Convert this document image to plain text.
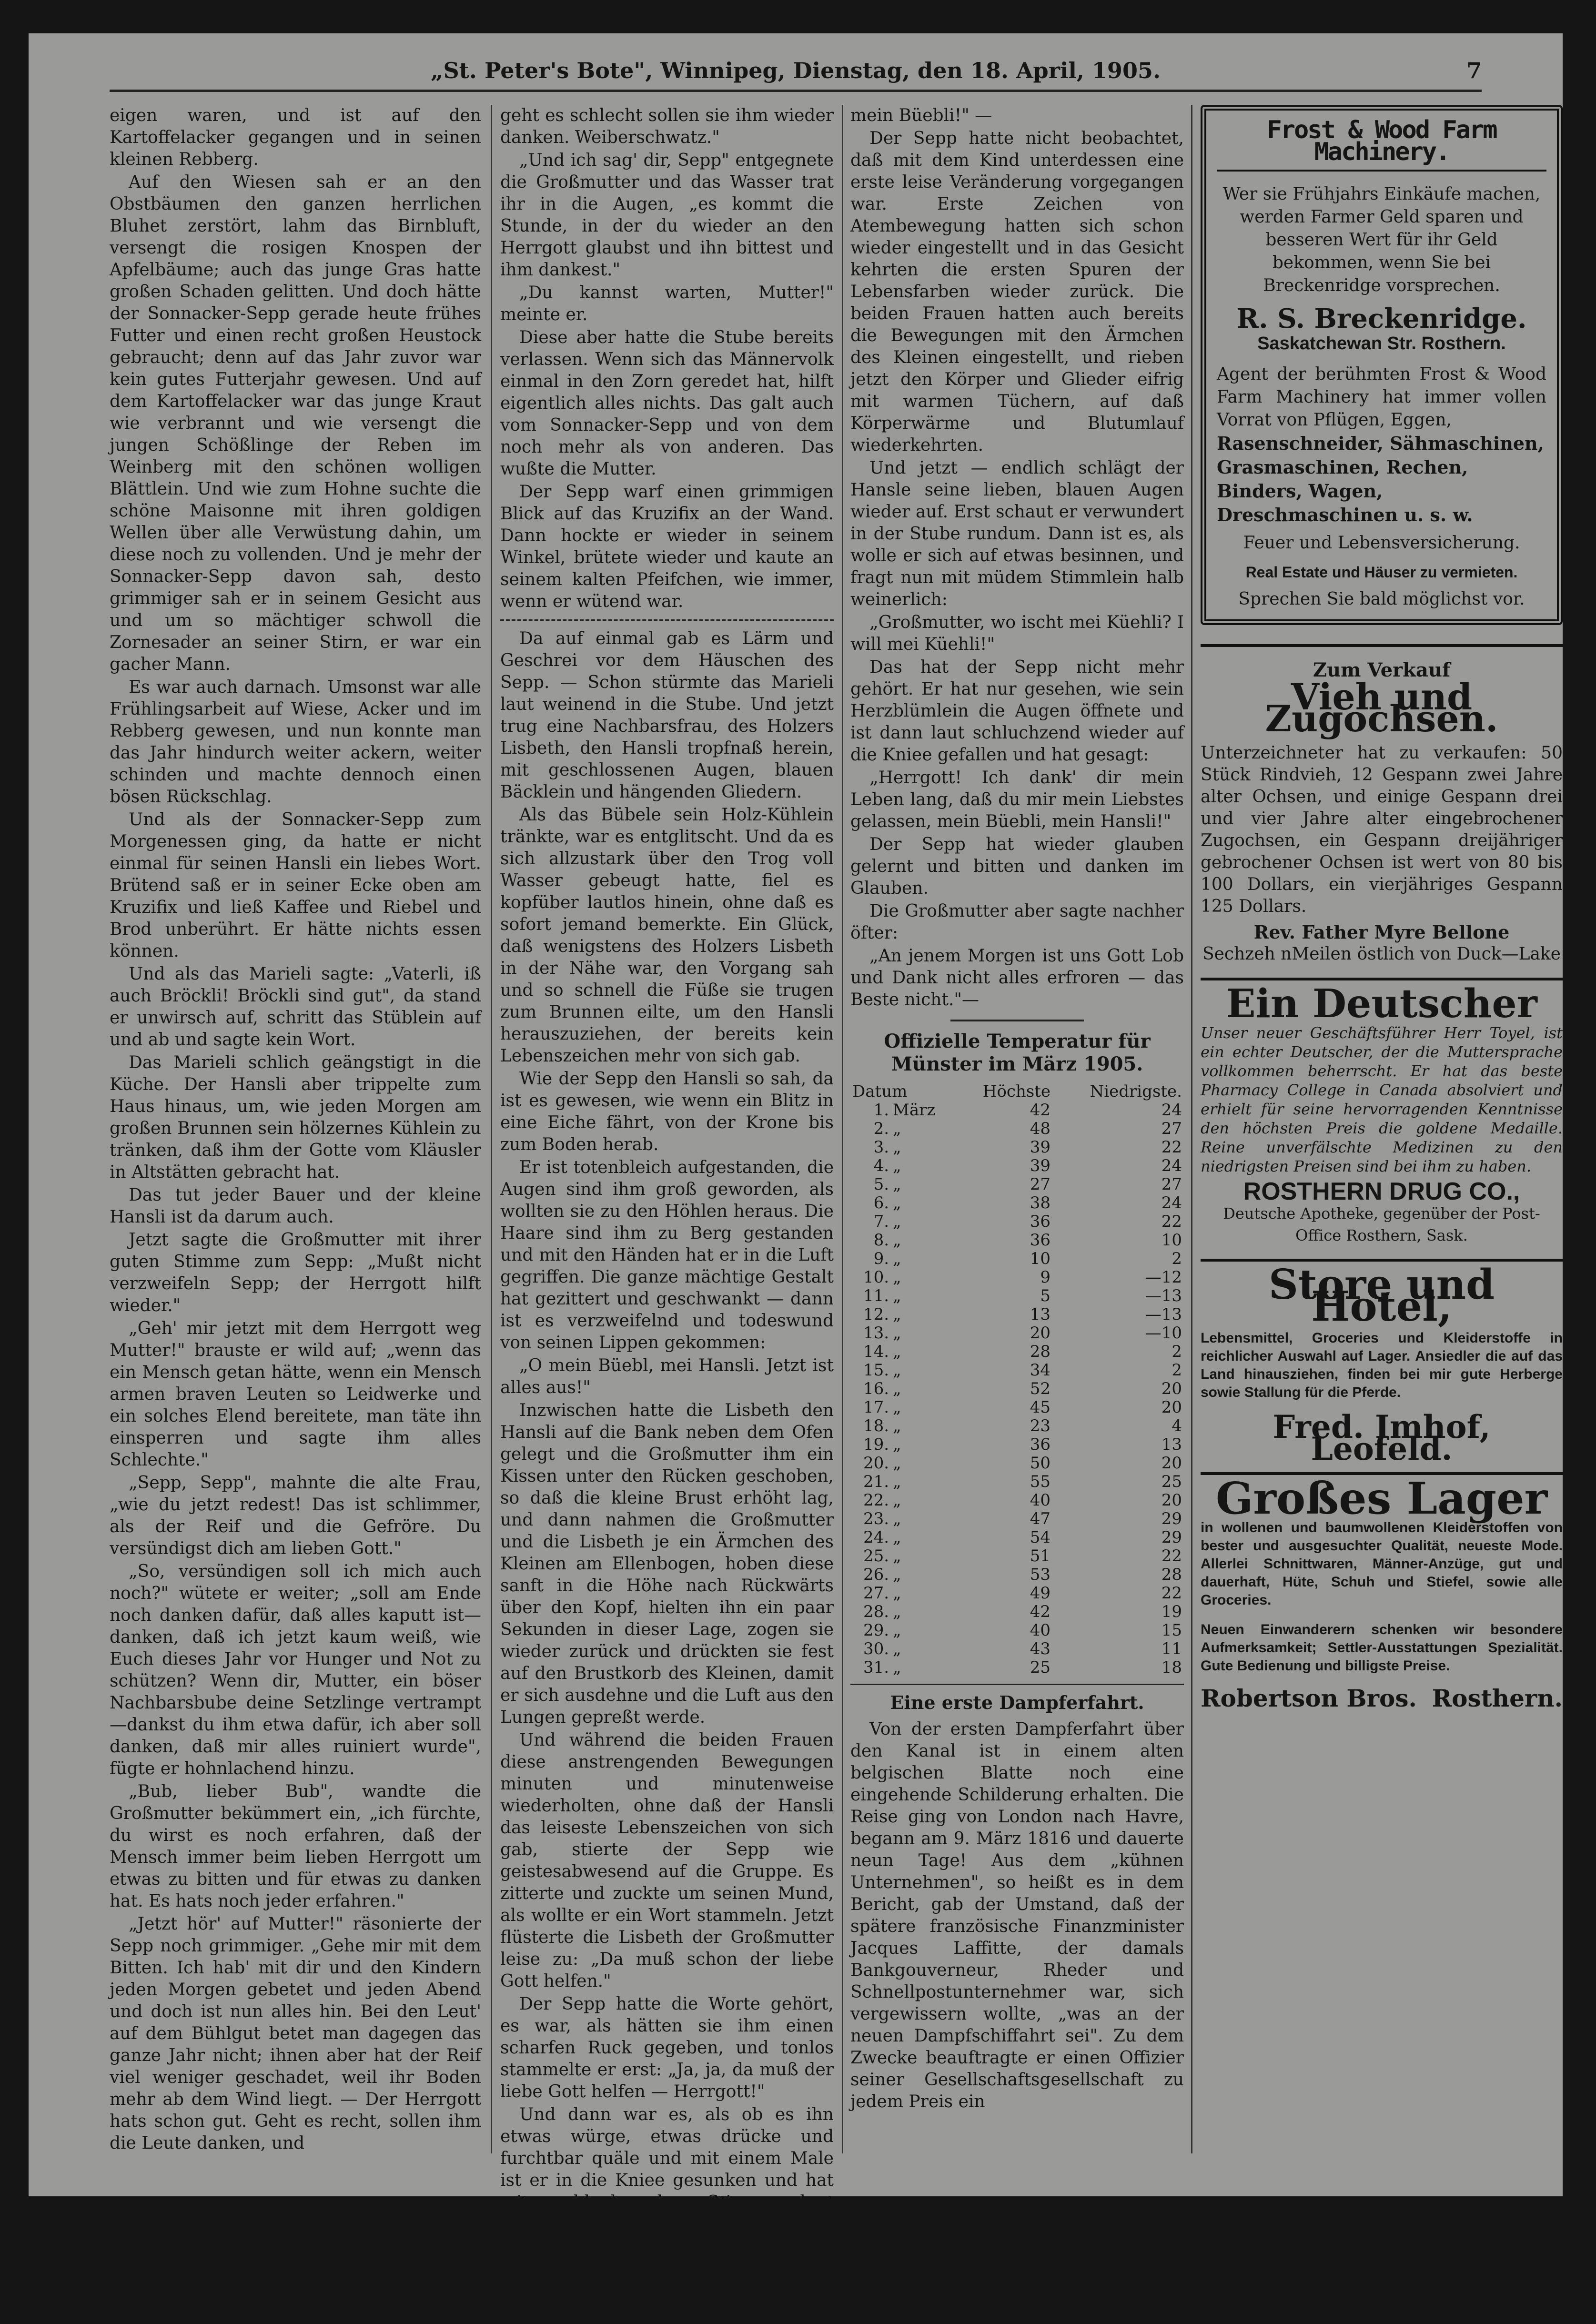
„St. Peter's Bote", Winnipeg, Dienstag, den 18. April, 1905.	7

eigen waren, und ist auf den Kartoffelacker gegangen und in seinen kleinen Rebberg.

Auf den Wiesen sah er an den Obstbäumen den ganzen herrlichen Bluhet zerstört, lahm das Birnbluft, versengt die rosigen Knospen der Apfelbäume; auch das junge Gras hatte großen Schaden gelitten. Und doch hätte der Sonnacker-Sepp gerade heute frühes Futter und einen recht großen Heustock gebraucht; denn auf das Jahr zuvor war kein gutes Futterjahr gewesen. Und auf dem Kartoffelacker war das junge Kraut wie verbrannt und wie versengt die jungen Schößlinge der Reben im Weinberg mit den schönen wolligen Blättlein. Und wie zum Hohne suchte die schöne Maisonne mit ihren goldigen Wellen über alle Verwüstung dahin, um diese noch zu vollenden. Und je mehr der Sonnacker-Sepp davon sah, desto grimmiger sah er in seinem Gesicht aus und um so mächtiger schwoll die Zornesader an seiner Stirn, er war ein gacher Mann.

Es war auch darnach. Umsonst war alle Frühlingsarbeit auf Wiese, Acker und im Rebberg gewesen, und nun konnte man das Jahr hindurch weiter ackern, weiter schinden und machte dennoch einen bösen Rückschlag.

Und als der Sonnacker-Sepp zum Morgenessen ging, da hatte er nicht einmal für seinen Hansli ein liebes Wort. Brütend saß er in seiner Ecke oben am Kruzifix und ließ Kaffee und Riebel und Brod unberührt. Er hätte nichts essen können.

Und als das Marieli sagte: „Vaterli, iß auch Bröckli! Bröckli sind gut", da stand er unwirsch auf, schritt das Stüblein auf und ab und sagte kein Wort.

Das Marieli schlich geängstigt in die Küche. Der Hansli aber trippelte zum Haus hinaus, um, wie jeden Morgen am großen Brunnen sein hölzernes Kühlein zu tränken, daß ihm der Gotte vom Kläusler in Altstätten gebracht hat.

Das tut jeder Bauer und der kleine Hansli ist da darum auch.

Jetzt sagte die Großmutter mit ihrer guten Stimme zum Sepp: „Mußt nicht verzweifeln Sepp; der Herrgott hilft wieder."

„Geh' mir jetzt mit dem Herrgott weg Mutter!" brauste er wild auf; „wenn das ein Mensch getan hätte, wenn ein Mensch armen braven Leuten so Leidwerke und ein solches Elend bereitete, man täte ihn einsperren und sagte ihm alles Schlechte."

„Sepp, Sepp", mahnte die alte Frau, „wie du jetzt redest! Das ist schlimmer, als der Reif und die Gefröre. Du versündigst dich am lieben Gott."

„So, versündigen soll ich mich auch noch?" wütete er weiter; „soll am Ende noch danken dafür, daß alles kaputt ist—danken, daß ich jetzt kaum weiß, wie Euch dieses Jahr vor Hunger und Not zu schützen? Wenn dir, Mutter, ein böser Nachbarsbube deine Setzlinge vertrampt—dankst du ihm etwa dafür, ich aber soll danken, daß mir alles ruiniert wurde", fügte er hohnlachend hinzu.

„Bub, lieber Bub", wandte die Großmutter bekümmert ein, „ich fürchte, du wirst es noch erfahren, daß der Mensch immer beim lieben Herrgott um etwas zu bitten und für etwas zu danken hat. Es hats noch jeder erfahren."

„Jetzt hör' auf Mutter!" räsonierte der Sepp noch grimmiger. „Gehe mir mit dem Bitten. Ich hab' mit dir und den Kindern jeden Morgen gebetet und jeden Abend und doch ist nun alles hin. Bei den Leut' auf dem Bühlgut betet man dagegen das ganze Jahr nicht; ihnen aber hat der Reif viel weniger geschadet, weil ihr Boden mehr ab dem Wind liegt. — Der Herrgott hats schon gut. Geht es recht, sollen ihm die Leute danken, und

geht es schlecht sollen sie ihm wieder danken. Weiberschwatz."

„Und ich sag' dir, Sepp" entgegnete die Großmutter und das Wasser trat ihr in die Augen, „es kommt die Stunde, in der du wieder an den Herrgott glaubst und ihn bittest und ihm dankest."

„Du kannst warten, Mutter!" meinte er.

Diese aber hatte die Stube bereits verlassen. Wenn sich das Männervolk einmal in den Zorn geredet hat, hilft eigentlich alles nichts. Das galt auch vom Sonnacker-Sepp und von dem noch mehr als von anderen. Das wußte die Mutter.

Der Sepp warf einen grimmigen Blick auf das Kruzifix an der Wand. Dann hockte er wieder in seinem Winkel, brütete wieder und kaute an seinem kalten Pfeifchen, wie immer, wenn er wütend war.

Da auf einmal gab es Lärm und Geschrei vor dem Häuschen des Sepp. — Schon stürmte das Marieli laut weinend in die Stube. Und jetzt trug eine Nachbarsfrau, des Holzers Lisbeth, den Hansli tropfnaß herein, mit geschlossenen Augen, blauen Bäcklein und hängenden Gliedern.

Als das Bübele sein Holz-Kühlein tränkte, war es entglitscht. Und da es sich allzustark über den Trog voll Wasser gebeugt hatte, fiel es kopfüber lautlos hinein, ohne daß es sofort jemand bemerkte. Ein Glück, daß wenigstens des Holzers Lisbeth in der Nähe war, den Vorgang sah und so schnell die Füße sie trugen zum Brunnen eilte, um den Hansli herauszuziehen, der bereits kein Lebenszeichen mehr von sich gab.

Wie der Sepp den Hansli so sah, da ist es gewesen, wie wenn ein Blitz in eine Eiche fährt, von der Krone bis zum Boden herab.

Er ist totenbleich aufgestanden, die Augen sind ihm groß geworden, als wollten sie zu den Höhlen heraus. Die Haare sind ihm zu Berg gestanden und mit den Händen hat er in die Luft gegriffen. Die ganze mächtige Gestalt hat gezittert und geschwankt — dann ist es verzweifelnd und todeswund von seinen Lippen gekommen:

„O mein Büebl, mei Hansli. Jetzt ist alles aus!"

Inzwischen hatte die Lisbeth den Hansli auf die Bank neben dem Ofen gelegt und die Großmutter ihm ein Kissen unter den Rücken geschoben, so daß die kleine Brust erhöht lag, und dann nahmen die Großmutter und die Lisbeth je ein Ärmchen des Kleinen am Ellenbogen, hoben diese sanft in die Höhe nach Rückwärts über den Kopf, hielten ihn ein paar Sekunden in dieser Lage, zogen sie wieder zurück und drückten sie fest auf den Brustkorb des Kleinen, damit er sich ausdehne und die Luft aus den Lungen gepreßt werde.

Und während die beiden Frauen diese anstrengenden Bewegungen minuten und minutenweise wiederholten, ohne daß der Hansli das leiseste Lebenszeichen von sich gab, stierte der Sepp wie geistesabwesend auf die Gruppe. Es zitterte und zuckte um seinen Mund, als wollte er ein Wort stammeln. Jetzt flüsterte die Lisbeth der Großmutter leise zu: „Da muß schon der liebe Gott helfen."

Der Sepp hatte die Worte gehört, es war, als hätten sie ihm einen scharfen Ruck gegeben, und tonlos stammelte er erst: „Ja, ja, da muß der liebe Gott helfen — Herrgott!"

Und dann war es, als ob es ihn etwas würge, etwas drücke und furchtbar quäle und mit einem Male ist er in die Kniee gesunken und hat mit schluchzender Stimme laut aufgeschrieen:

„Lieb' Gott, Herrgott im Himmel, ich bitt' dich, laß mir mein lieb' Büebli, ich bitt' dich, um mein lieb' Hansli — nur das,

mein Büebli!" —

Der Sepp hatte nicht beobachtet, daß mit dem Kind unterdessen eine erste leise Veränderung vorgegangen war. Erste Zeichen von Atembewegung hatten sich schon wieder eingestellt und in das Gesicht kehrten die ersten Spuren der Lebensfarben wieder zurück. Die beiden Frauen hatten auch bereits die Bewegungen mit den Ärmchen des Kleinen eingestellt, und rieben jetzt den Körper und Glieder eifrig mit warmen Tüchern, auf daß Körperwärme und Blutumlauf wiederkehrten.

Und jetzt — endlich schlägt der Hansle seine lieben, blauen Augen wieder auf. Erst schaut er verwundert in der Stube rundum. Dann ist es, als wolle er sich auf etwas besinnen, und fragt nun mit müdem Stimmlein halb weinerlich:

„Großmutter, wo ischt mei Küehli? I will mei Küehli!"

Das hat der Sepp nicht mehr gehört. Er hat nur gesehen, wie sein Herzblümlein die Augen öffnete und ist dann laut schluchzend wieder auf die Kniee gefallen und hat gesagt:

„Herrgott! Ich dank' dir mein Leben lang, daß du mir mein Liebstes gelassen, mein Büebli, mein Hansli!"

Der Sepp hat wieder glauben gelernt und bitten und danken im Glauben.

Die Großmutter aber sagte nachher öfter:

„An jenem Morgen ist uns Gott Lob und Dank nicht alles erfroren — das Beste nicht."—

Offizielle Temperatur für Münster im März 1905.
Datum		Höchste	Niedrigste.
1.	März	42	24
2.	„	48	27
3.	„	39	22
4.	„	39	24
5.	„	27	27
6.	„	38	24
7.	„	36	22
8.	„	36	10
9.	„	10	2
10.	„	9	—12
11.	„	5	—13
12.	„	13	—13
13.	„	20	—10
14.	„	28	2
15.	„	34	2
16.	„	52	20
17.	„	45	20
18.	„	23	4
19.	„	36	13
20.	„	50	20
21.	„	55	25
22.	„	40	20
23.	„	47	29
24.	„	54	29
25.	„	51	22
26.	„	53	28
27.	„	49	22
28.	„	42	19
29.	„	40	15
30.	„	43	11
31.	„	25	18
Eine erste Dampferfahrt.

Von der ersten Dampferfahrt über den Kanal ist in einem alten belgischen Blatte noch eine eingehende Schilderung erhalten. Die Reise ging von London nach Havre, begann am 9. März 1816 und dauerte neun Tage! Aus dem „kühnen Unternehmen", so heißt es in dem Bericht, gab der Umstand, daß der spätere französische Finanzminister Jacques Laffitte, der damals Bankgouverneur, Rheder und Schnellpostunternehmer war, sich vergewissern wollte, „was an der neuen Dampfschiffahrt sei". Zu dem Zwecke beauftragte er einen Offizier seiner Gesellschaftsgesellschaft zu jedem Preis ein

Frost & Wood Farm Machinery.
Wer sie Frühjahrs Einkäufe machen, werden Farmer Geld sparen und besseren Wert für ihr Geld bekommen, wenn Sie bei Breckenridge vorsprechen.
R. S. Breckenridge.
Saskatchewan Str. Rosthern.
Agent der berühmten Frost & Wood Farm Machinery hat immer vollen Vorrat von Pflügen, Eggen,
Rasenschneider, Sähmaschinen, Grasmaschinen, Rechen, Binders, Wagen, Dreschmaschinen u. s. w.
Feuer und Lebensversicherung.
Real Estate und Häuser zu vermieten.
Sprechen Sie bald möglichst vor.
Zum Verkauf
Vieh und Zugochsen.
Unterzeichneter hat zu verkaufen: 50 Stück Rindvieh, 12 Gespann zwei Jahre alter Ochsen, und einige Gespann drei und vier Jahre alter eingebrochener Zugochsen, ein Gespann dreijähriger gebrochener Ochsen ist wert von 80 bis 100 Dollars, ein vierjähriges Gespann 125 Dollars.
Rev. Father Myre Bellone
Sechzeh nMeilen östlich von Duck—Lake
Ein Deutscher
Unser neuer Geschäftsführer Herr Toyel, ist ein echter Deutscher, der die Muttersprache vollkommen beherrscht. Er hat das beste Pharmacy College in Canada absolviert und erhielt für seine hervorragenden Kenntnisse den höchsten Preis die goldene Medaille. Reine unverfälschte Medizinen zu den niedrigsten Preisen sind bei ihm zu haben.
ROSTHERN DRUG CO.,
Deutsche Apotheke, gegenüber der Post-Office Rosthern, Sask.
Store und Hotel,
Lebensmittel, Groceries und Kleiderstoffe in reichlicher Auswahl auf Lager. Ansiedler die auf das Land hinausziehen, finden bei mir gute Herberge sowie Stallung für die Pferde.
Fred. Imhof, Leofeld.
Großes Lager
in wollenen und baumwollenen Kleiderstoffen von bester und ausgesuchter Qualität, neueste Mode. Allerlei Schnittwaren, Männer-Anzüge, gut und dauerhaft, Hüte, Schuh und Stiefel, sowie alle Groceries.
Neuen Einwanderern schenken wir besondere Aufmerksamkeit; Settler-Ausstattungen Spezialität. Gute Bedienung und billigste Preise.
Robertson Bros. Rosthern.
